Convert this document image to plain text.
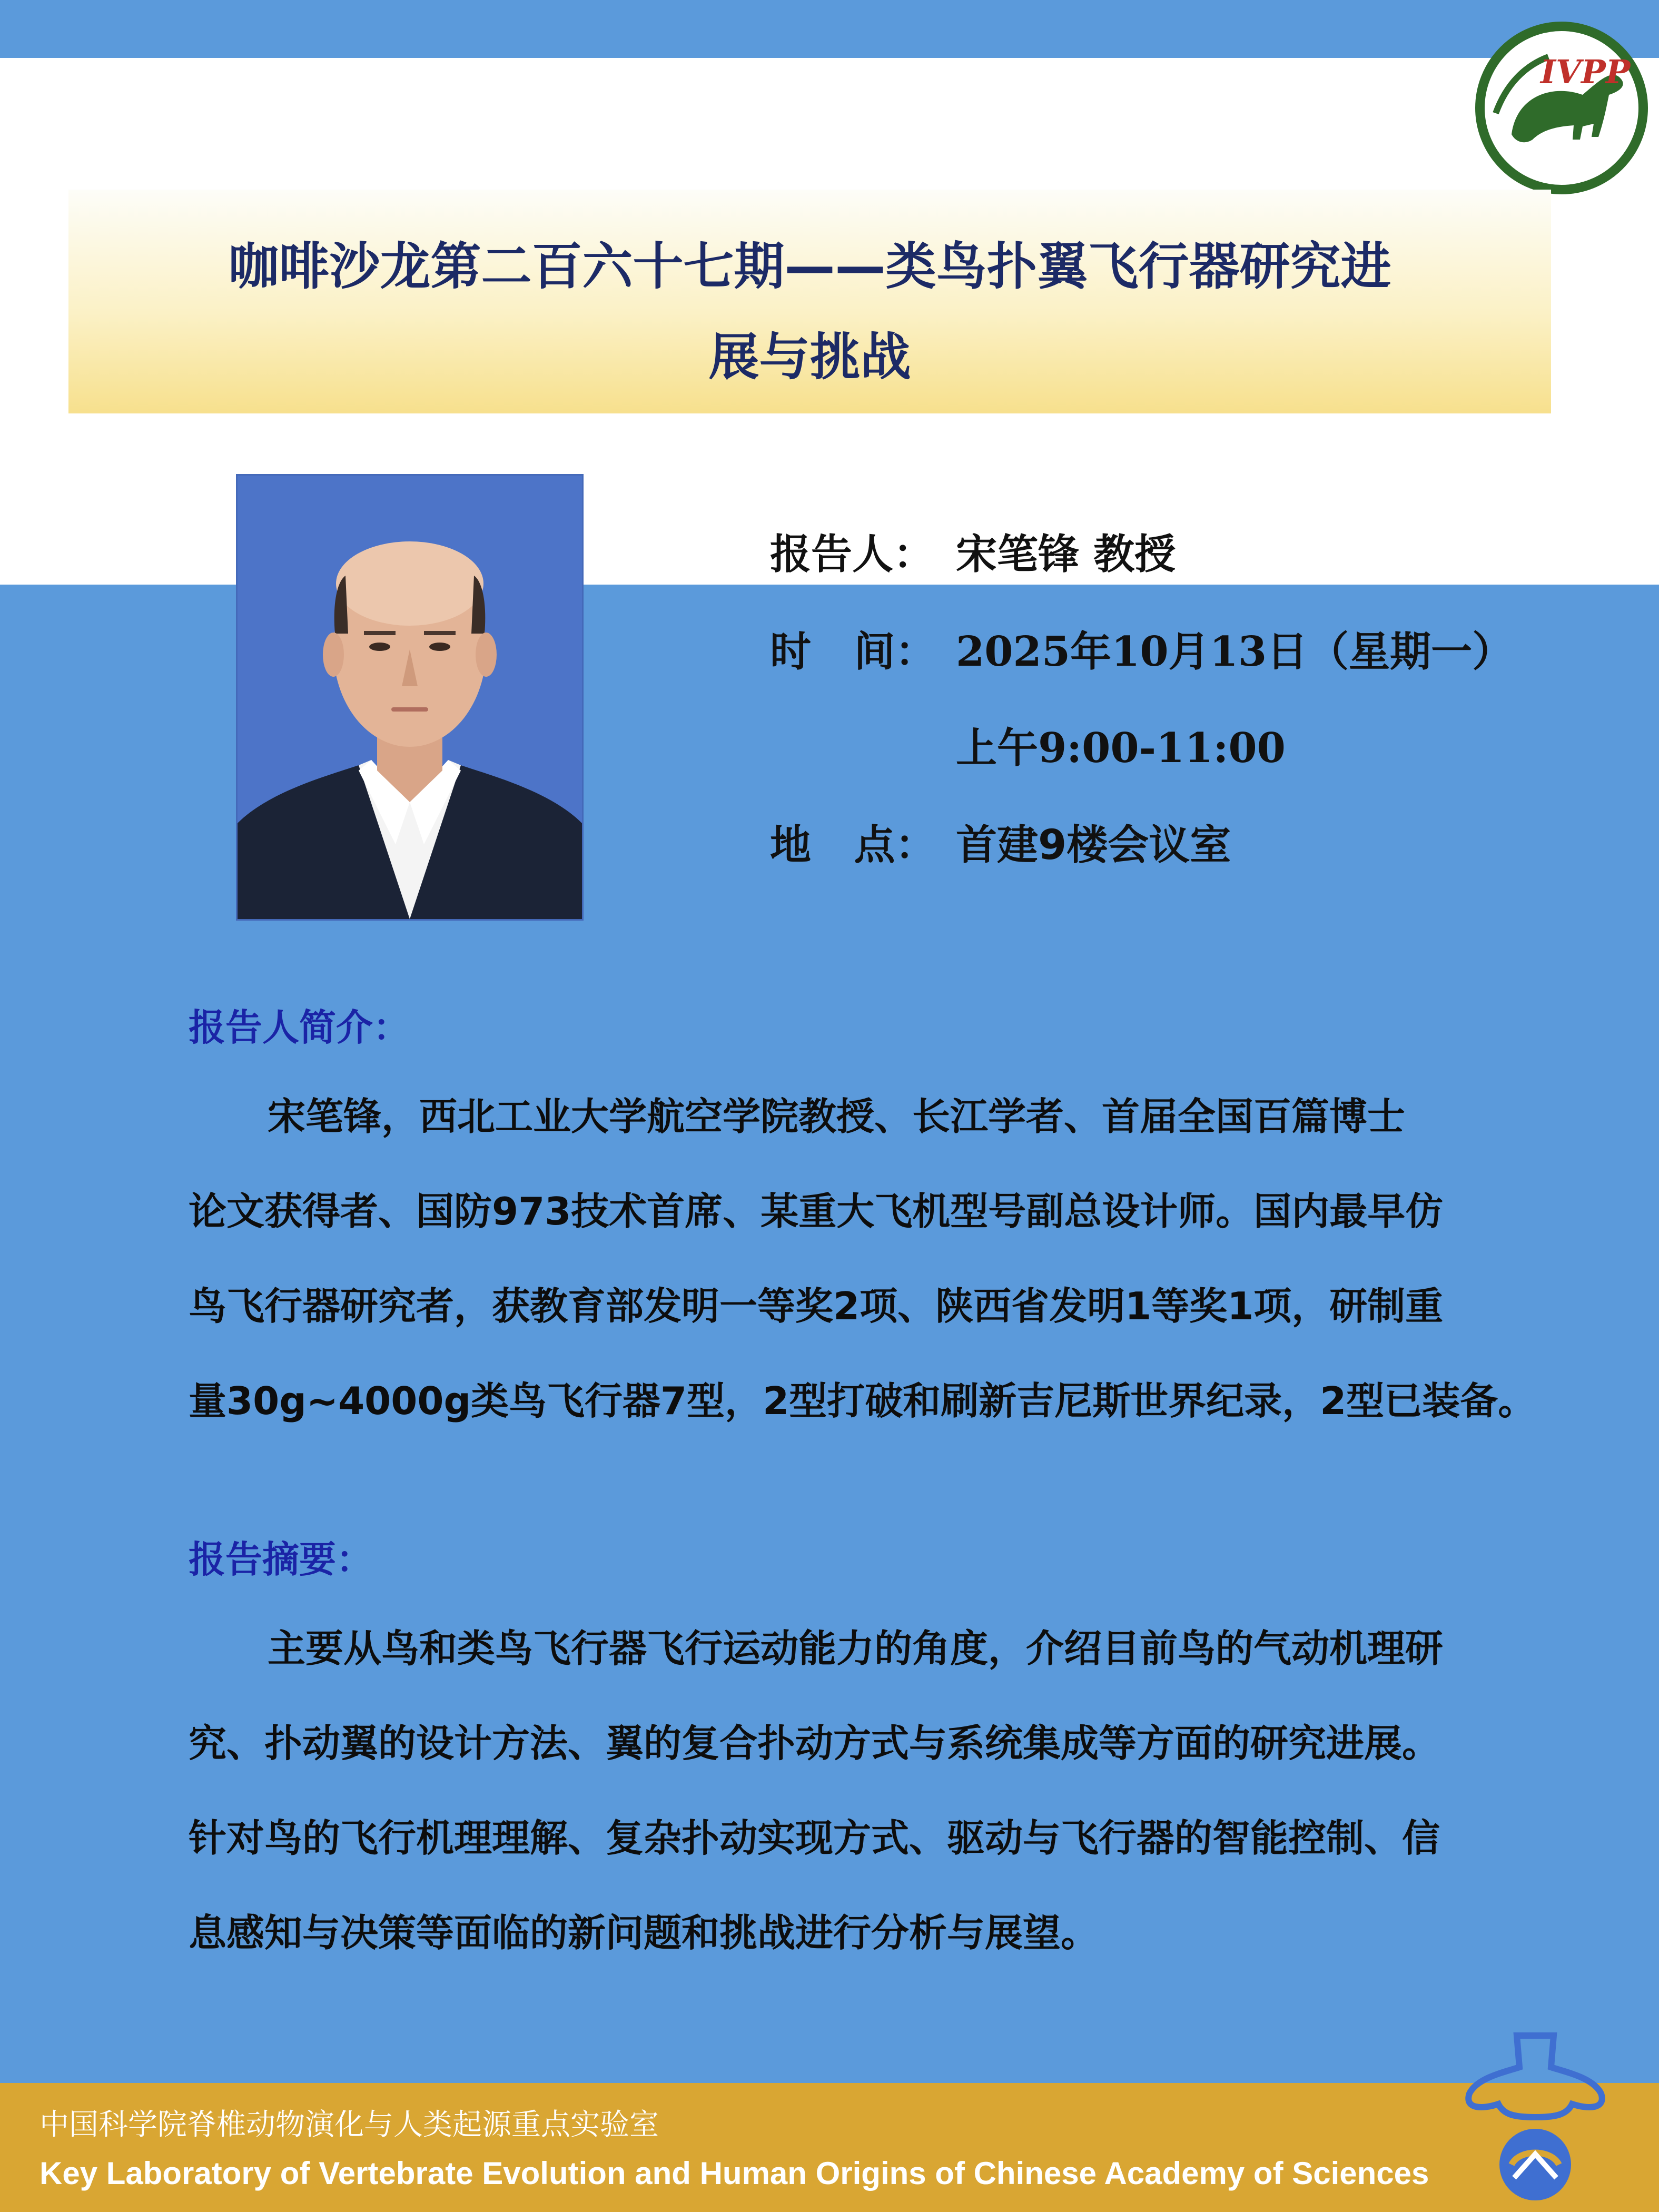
IVPP
咖啡沙龙第二百六十七期——类鸟扑翼飞行器研究进
展与挑战
报告人： 宋笔锋 教授
时   间： 2025年10月13日（星期一）
上午9:00-11:00
地   点： 首建9楼会议室
报告人简介：
宋笔锋，西北工业大学航空学院教授、长江学者、首届全国百篇博士
论文获得者、国防973技术首席、某重大飞机型号副总设计师。国内最早仿
鸟飞行器研究者，获教育部发明一等奖2项、陕西省发明1等奖1项，研制重
量30g~4000g类鸟飞行器7型，2型打破和刷新吉尼斯世界纪录，2型已装备。
报告摘要：
主要从鸟和类鸟飞行器飞行运动能力的角度，介绍目前鸟的气动机理研
究、扑动翼的设计方法、翼的复合扑动方式与系统集成等方面的研究进展。
针对鸟的飞行机理理解、复杂扑动实现方式、驱动与飞行器的智能控制、信
息感知与决策等面临的新问题和挑战进行分析与展望。
中国科学院脊椎动物演化与人类起源重点实验室
Key Laboratory of Vertebrate Evolution and Human Origins of Chinese Academy of Sciences
